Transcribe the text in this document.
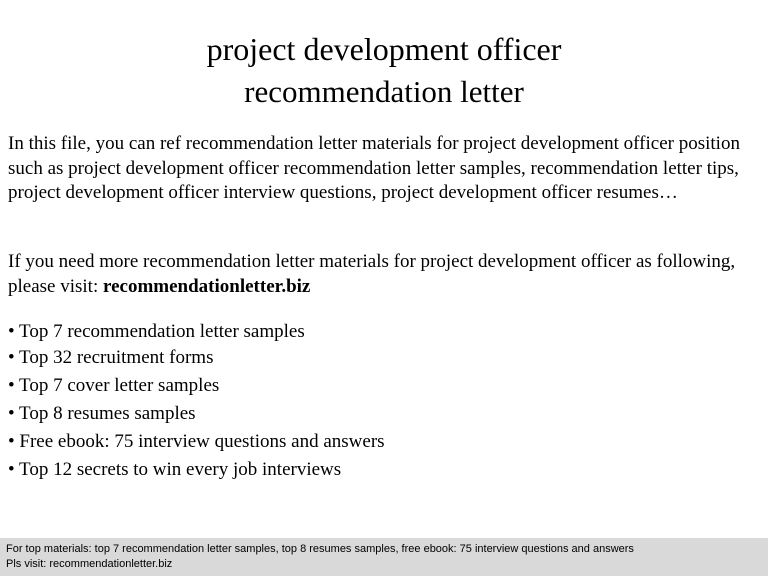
project development officer
recommendation letter

In this file, you can ref recommendation letter materials for project development officer position such as project development officer recommendation letter samples, recommendation letter tips, project development officer interview questions, project development officer resumes…

If you need more recommendation letter materials for project development officer as following, please visit: recommendationletter.biz

• Top 7 recommendation letter samples
• Top 32 recruitment forms
• Top 7 cover letter samples
• Top 8 resumes samples
• Free ebook: 75 interview questions and answers
• Top 12 secrets to win every job interviews
For top materials: top 7 recommendation letter samples, top 8 resumes samples, free ebook: 75 interview questions and answers
Pls visit: recommendationletter.biz
